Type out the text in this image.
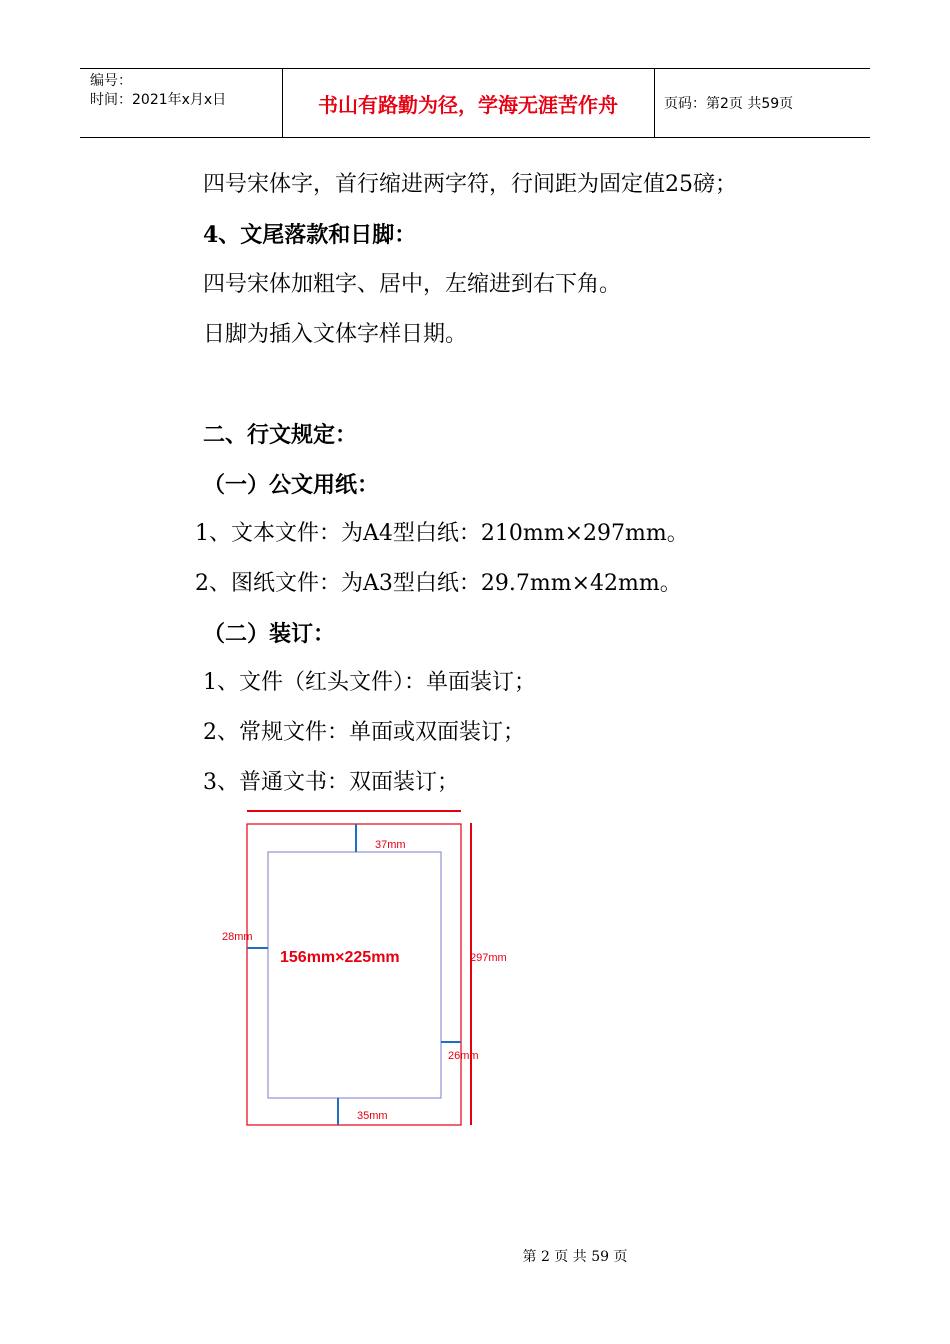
编号：
时间：2021年x月x日	书山有路勤为径，学海无涯苦作舟	页码：第2页 共59页
四号宋体字，首行缩进两字符，行间距为固定值25磅；
4、文尾落款和日脚：
四号宋体加粗字、居中，左缩进到右下角。
日脚为插入文体字样日期。
二、行文规定：
（一）公文用纸：
1、文本文件：为A4型白纸：210mm×297mm。
2、图纸文件：为A3型白纸：29.7mm×42mm。
（二）装订：
1、文件（红头文件）：单面装订；
2、常规文件：单面或双面装订；
3、普通文书：双面装订；
37mm
28mm
297mm
26mm
35mm
156mm×225mm
第 2 页 共 59 页
